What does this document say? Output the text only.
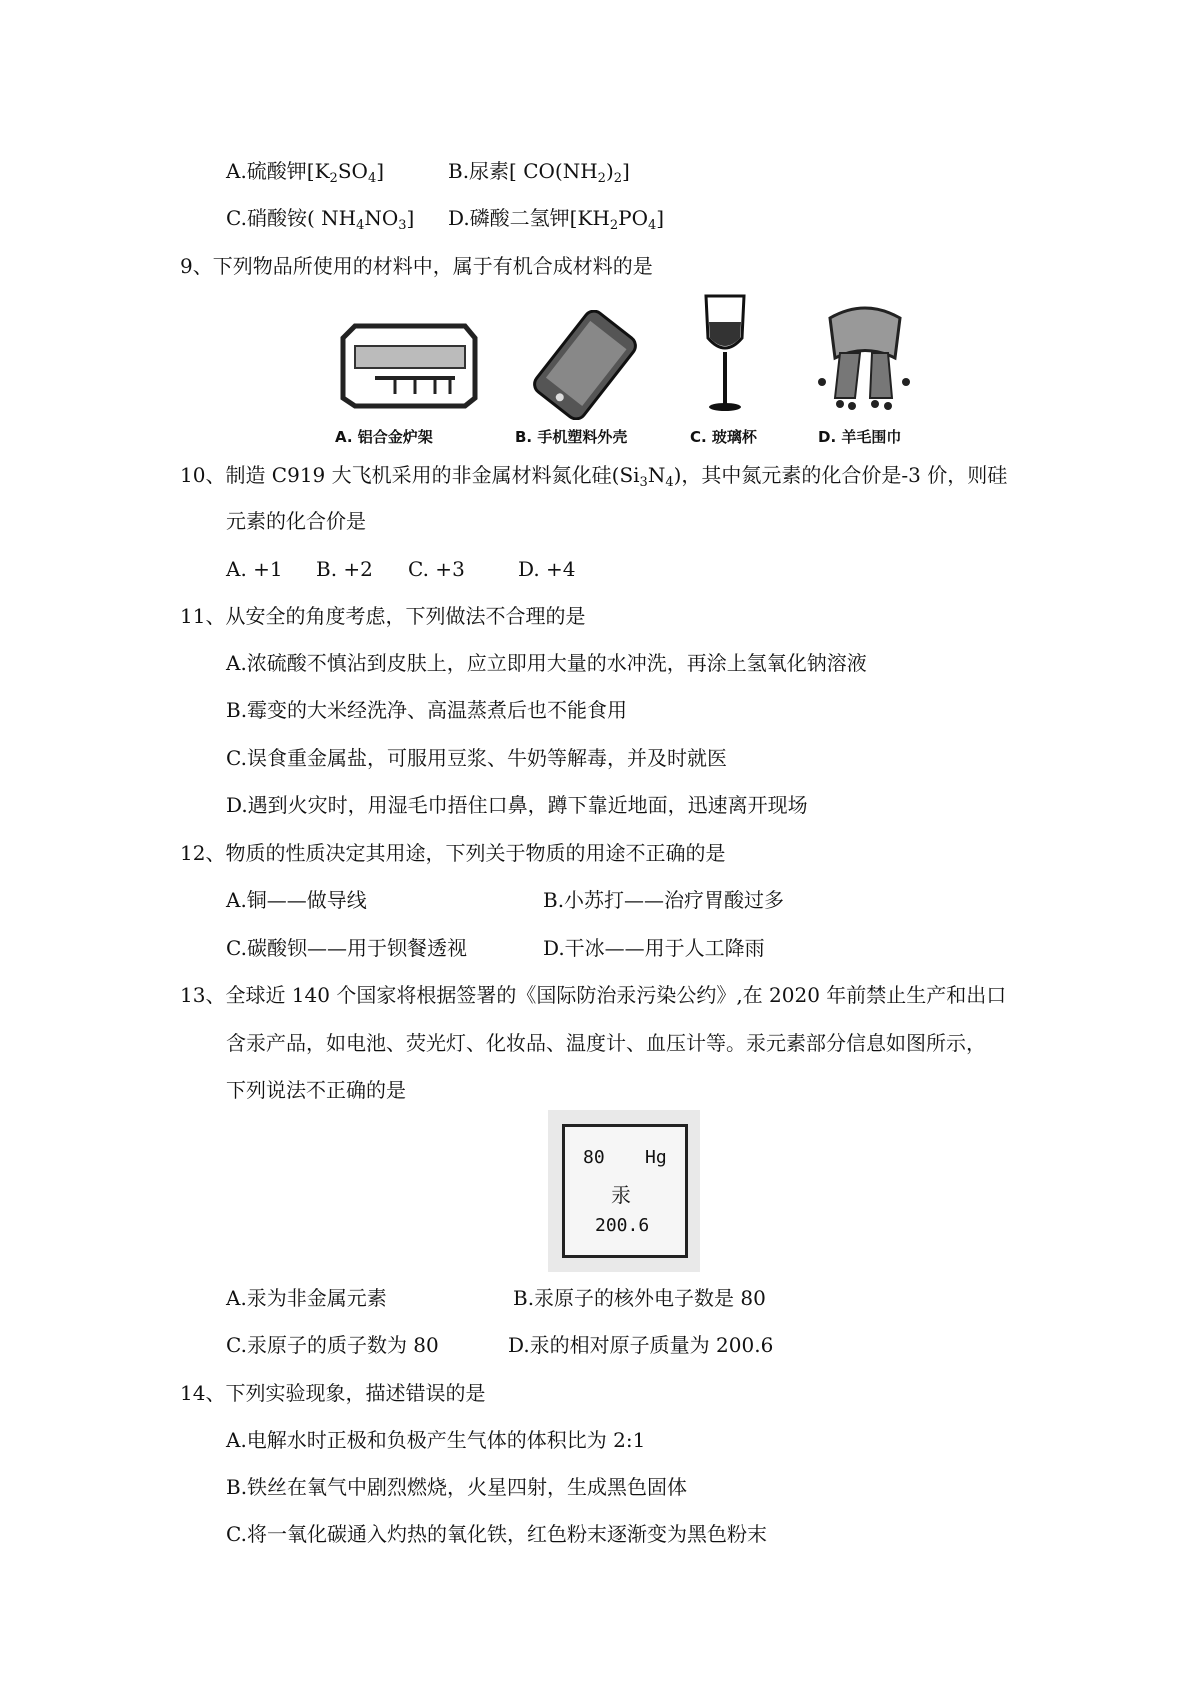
A.硫酸钾$[K_2SO_4]$	B.尿素[ $CO(NH_2)_2$]
C.硝酸铵( $NH_4NO_3$] D.磷酸二氢钾$[KH_2PO_4]$
9、下列物品所使用的材料中，属于有机合成材料的是
A. 铝合金炉架	B. 手机塑料外壳	C. 玻璃杯	D. 羊毛围巾
10、制造 C919 大飞机采用的非金属材料氮化硅$(Si_3N_4)$，其中氮元素的化合价是-3 价，则硅
元素的化合价是
A. +1 B. +2 C. +3	D. +4
11、从安全的角度考虑，下列做法不合理的是
A.浓硫酸不慎沾到皮肤上，应立即用大量的水冲洗，再涂上氢氧化钠溶液
B.霉变的大米经洗净、高温蒸煮后也不能食用
C.误食重金属盐，可服用豆浆、牛奶等解毒，并及时就医
D.遇到火灾时，用湿毛巾捂住口鼻，蹲下靠近地面，迅速离开现场
12、物质的性质决定其用途，下列关于物质的用途不正确的是
A.铜——做导线	B.小苏打——治疗胃酸过多
C.碳酸钡——用于钡餐透视	D.干冰——用于人工降雨
13、全球近 140 个国家将根据签署的《国际防治汞污染公约》,在 2020 年前禁止生产和出口
含汞产品，如电池、荧光灯、化妆品、温度计、血压计等。汞元素部分信息如图所示，
下列说法不正确的是
80 Hg
汞
200.6
A.汞为非金属元素	B.汞原子的核外电子数是 80
C.汞原子的质子数为 80	D.汞的相对原子质量为 200.6
14、下列实验现象，描述错误的是
A.电解水时正极和负极产生气体的体积比为 2:1
B.铁丝在氧气中剧烈燃烧，火星四射，生成黑色固体
C.将一氧化碳通入灼热的氧化铁，红色粉末逐渐变为黑色粉末
